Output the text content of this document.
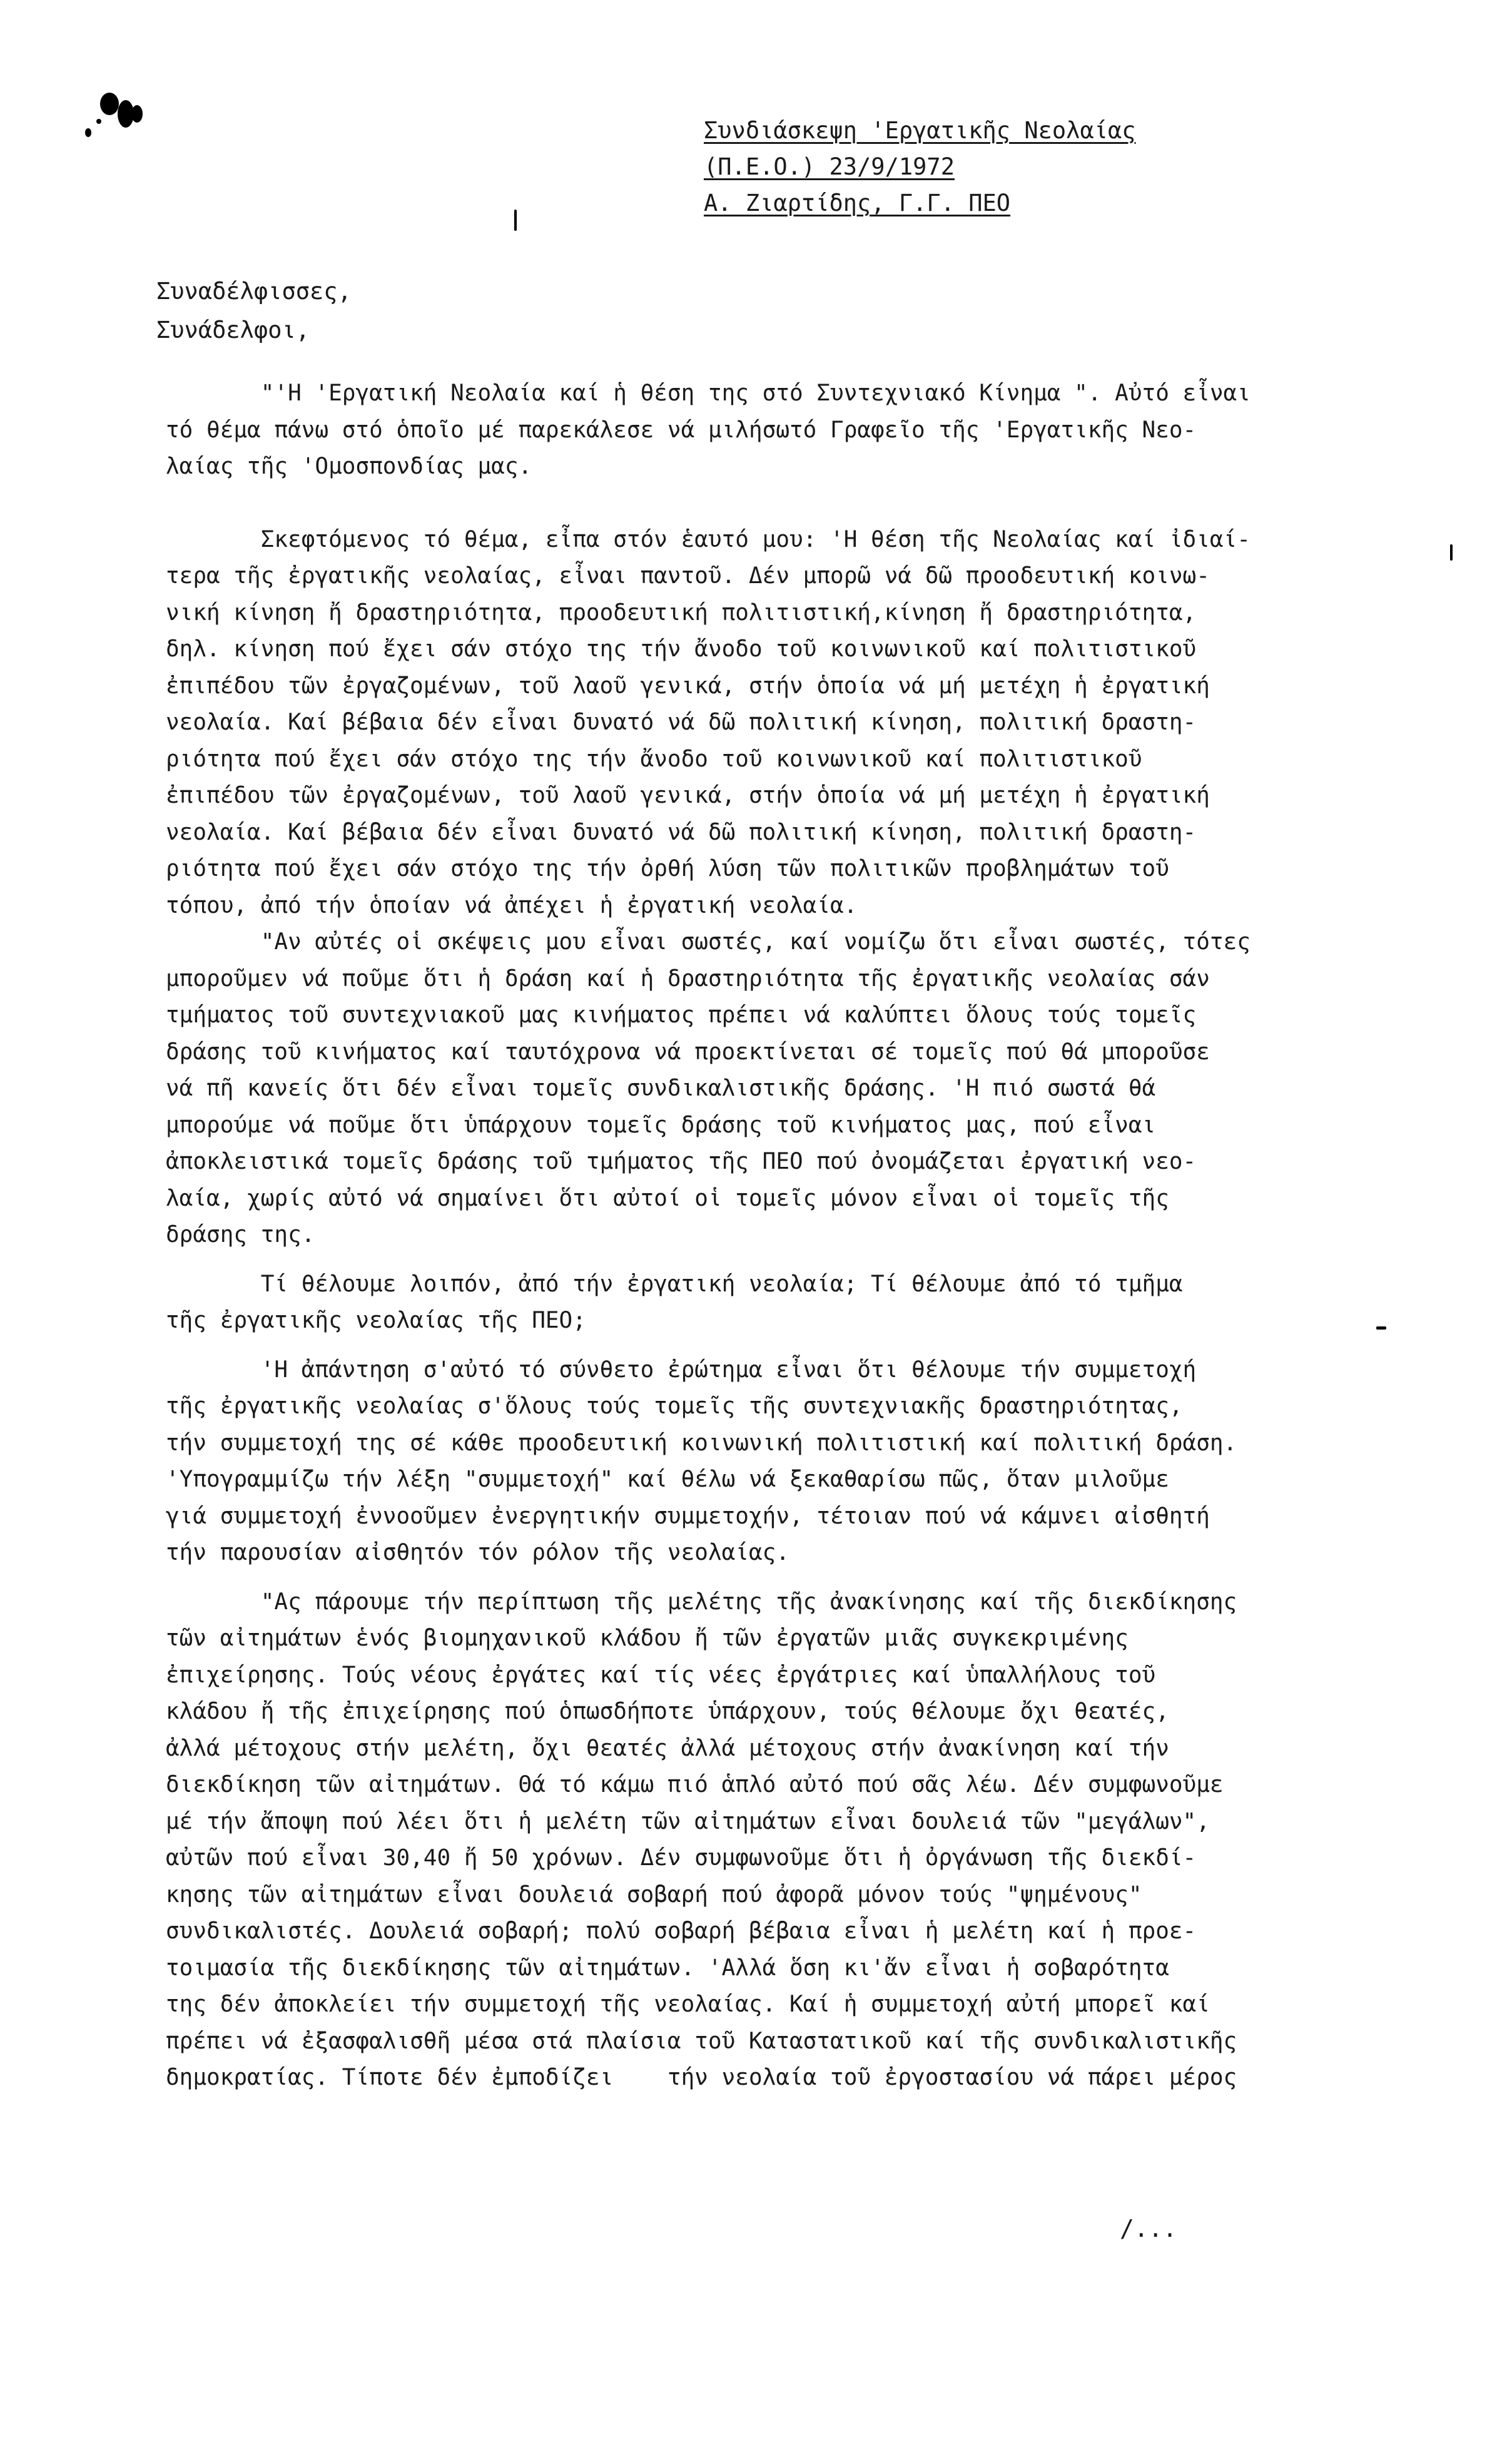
Συνδιάσκεψη 'Εργατικῆς Νεολαίας
(Π.Ε.Ο.) 23/9/1972
Α. Ζιαρτίδης, Γ.Γ. ΠΕΟ
Συναδέλφισσες,
Συνάδελφοι,
"'Η 'Εργατική Νεολαία καί ἡ θέση της στό Συντεχνιακό Κίνημα ". Αὐτό εἶναι
τό θέμα πάνω στό ὁποῖο μέ παρεκάλεσε νά μιλήσωτό Γραφεῖο τῆς 'Εργατικῆς Νεο-
λαίας τῆς 'Ομοσπονδίας μας.
Σκεφτόμενος τό θέμα, εἶπα στόν ἑαυτό μου: 'Η θέση τῆς Νεολαίας καί ἰδιαί-
τερα τῆς ἐργατικῆς νεολαίας, εἶναι παντοῦ. Δέν μπορῶ νά δῶ προοδευτική κοινω-
νική κίνηση ἤ δραστηριότητα, προοδευτική πολιτιστική,κίνηση ἤ δραστηριότητα,
δηλ. κίνηση πού ἔχει σάν στόχο της τήν ἄνοδο τοῦ κοινωνικοῦ καί πολιτιστικοῦ
ἐπιπέδου τῶν ἐργαζομένων, τοῦ λαοῦ γενικά, στήν ὁποία νά μή μετέχη ἡ ἐργατική
νεολαία. Καί βέβαια δέν εἶναι δυνατό νά δῶ πολιτική κίνηση, πολιτική δραστη-
ριότητα πού ἔχει σάν στόχο της τήν ἄνοδο τοῦ κοινωνικοῦ καί πολιτιστικοῦ
ἐπιπέδου τῶν ἐργαζομένων, τοῦ λαοῦ γενικά, στήν ὁποία νά μή μετέχη ἡ ἐργατική
νεολαία. Καί βέβαια δέν εἶναι δυνατό νά δῶ πολιτική κίνηση, πολιτική δραστη-
ριότητα πού ἔχει σάν στόχο της τήν ὀρθή λύση τῶν πολιτικῶν προβλημάτων τοῦ
τόπου, ἀπό τήν ὁποίαν νά ἀπέχει ἡ ἐργατική νεολαία.
"Αν αὐτές οἱ σκέψεις μου εἶναι σωστές, καί νομίζω ὅτι εἶναι σωστές, τότες
μποροῦμεν νά ποῦμε ὅτι ἡ δράση καί ἡ δραστηριότητα τῆς ἐργατικῆς νεολαίας σάν
τμήματος τοῦ συντεχνιακοῦ μας κινήματος πρέπει νά καλύπτει ὅλους τούς τομεῖς
δράσης τοῦ κινήματος καί ταυτόχρονα νά προεκτίνεται σέ τομεῖς πού θά μποροῦσε
νά πῆ κανείς ὅτι δέν εἶναι τομεῖς συνδικαλιστικῆς δράσης. 'Η πιό σωστά θά
μπορούμε νά ποῦμε ὅτι ὑπάρχουν τομεῖς δράσης τοῦ κινήματος μας, πού εἶναι
ἀποκλειστικά τομεῖς δράσης τοῦ τμήματος τῆς ΠΕΟ πού ὀνομάζεται ἐργατική νεο-
λαία, χωρίς αὐτό νά σημαίνει ὅτι αὐτοί οἱ τομεῖς μόνον εἶναι οἱ τομεῖς τῆς
δράσης της.
Τί θέλουμε λοιπόν, ἀπό τήν ἐργατική νεολαία; Τί θέλουμε ἀπό τό τμῆμα
τῆς ἐργατικῆς νεολαίας τῆς ΠΕΟ;
'Η ἀπάντηση σ'αὐτό τό σύνθετο ἐρώτημα εἶναι ὅτι θέλουμε τήν συμμετοχή
τῆς ἐργατικῆς νεολαίας σ'ὅλους τούς τομεῖς τῆς συντεχνιακῆς δραστηριότητας,
τήν συμμετοχή της σέ κάθε προοδευτική κοινωνική πολιτιστική καί πολιτική δράση.
'Υπογραμμίζω τήν λέξη "συμμετοχή" καί θέλω νά ξεκαθαρίσω πῶς, ὅταν μιλοῦμε
γιά συμμετοχή ἐννοοῦμεν ἐνεργητικήν συμμετοχήν, τέτοιαν πού νά κάμνει αἰσθητή
τήν παρουσίαν αἰσθητόν τόν ρόλον τῆς νεολαίας.
"Ας πάρουμε τήν περίπτωση τῆς μελέτης τῆς ἀνακίνησης καί τῆς διεκδίκησης
τῶν αἰτημάτων ἑνός βιομηχανικοῦ κλάδου ἤ τῶν ἐργατῶν μιᾶς συγκεκριμένης
ἐπιχείρησης. Τούς νέους ἐργάτες καί τίς νέες ἐργάτριες καί ὑπαλλήλους τοῦ
κλάδου ἤ τῆς ἐπιχείρησης πού ὁπωσδήποτε ὑπάρχουν, τούς θέλουμε ὄχι θεατές,
ἀλλά μέτοχους στήν μελέτη, ὄχι θεατές ἀλλά μέτοχους στήν ἀνακίνηση καί τήν
διεκδίκηση τῶν αἰτημάτων. Θά τό κάμω πιό ἁπλό αὐτό πού σᾶς λέω. Δέν συμφωνοῦμε
μέ τήν ἄποψη πού λέει ὅτι ἡ μελέτη τῶν αἰτημάτων εἶναι δουλειά τῶν "μεγάλων",
αὐτῶν πού εἶναι 30,40 ἤ 50 χρόνων. Δέν συμφωνοῦμε ὅτι ἡ ὀργάνωση τῆς διεκδί-
κησης τῶν αἰτημάτων εἶναι δουλειά σοβαρή πού ἀφορᾶ μόνον τούς "ψημένους"
συνδικαλιστές. Δουλειά σοβαρή; πολύ σοβαρή βέβαια εἶναι ἡ μελέτη καί ἡ προε-
τοιμασία τῆς διεκδίκησης τῶν αἰτημάτων. 'Αλλά ὅση κι'ἄν εἶναι ἡ σοβαρότητα
της δέν ἀποκλείει τήν συμμετοχή τῆς νεολαίας. Καί ἡ συμμετοχή αὐτή μπορεῖ καί
πρέπει νά ἐξασφαλισθῆ μέσα στά πλαίσια τοῦ Καταστατικοῦ καί τῆς συνδικαλιστικῆς
δημοκρατίας. Τίποτε δέν ἐμποδίζει    τήν νεολαία τοῦ ἐργοστασίου νά πάρει μέρος
/...
